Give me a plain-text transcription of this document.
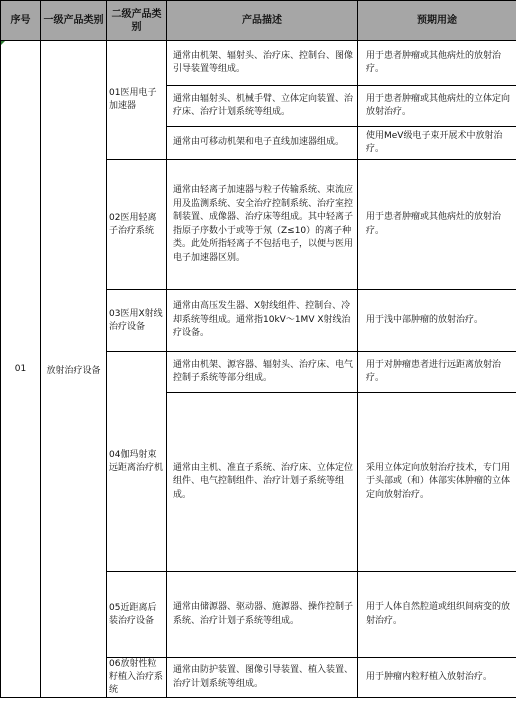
序号	一级产品类别	二级产品类别	产品描述	预期用途
01	放射治疗设备	01医用电子加速器	通常由机架、辐射头、治疗床、控制台、图像引导装置等组成。	用于患者肿瘤或其他病灶的放射治疗。
			通常由辐射头、机械手臂、立体定向装置、治疗床、治疗计划系统等组成。	用于患者肿瘤或其他病灶的立体定向放射治疗。
			通常由可移动机架和电子直线加速器组成。	使用MeV级电子束开展术中放射治疗。
		02医用轻离子治疗系统	通常由轻离子加速器与粒子传输系统、束流应用及监测系统、安全治疗控制系统、治疗室控制装置、成像器、治疗床等组成。其中轻离子指原子序数小于或等于氖（Z≤10）的离子种类。此处所指轻离子不包括电子，以便与医用电子加速器区别。	用于患者肿瘤或其他病灶的放射治疗。
		03医用X射线治疗设备	通常由高压发生器、X射线组件、控制台、冷却系统等组成。通常指10kV～1MV X射线治疗设备。	用于浅中部肿瘤的放射治疗。
		04伽玛射束远距离治疗机	通常由机架、源容器、辐射头、治疗床、电气控制子系统等部分组成。	用于对肿瘤患者进行远距离放射治疗。
			通常由主机、准直子系统、治疗床、立体定位组件、电气控制组件、治疗计划子系统等组成。	采用立体定向放射治疗技术，专门用于头部或（和）体部实体肿瘤的立体定向放射治疗。
		05近距离后装治疗设备	通常由储源器、驱动器、施源器、操作控制子系统、治疗计划子系统等组成。	用于人体自然腔道或组织间病变的放射治疗。
		06放射性粒籽植入治疗系统	通常由防护装置、图像引导装置、植入装置、治疗计划系统等组成。	用于肿瘤内粒籽植入放射治疗。
